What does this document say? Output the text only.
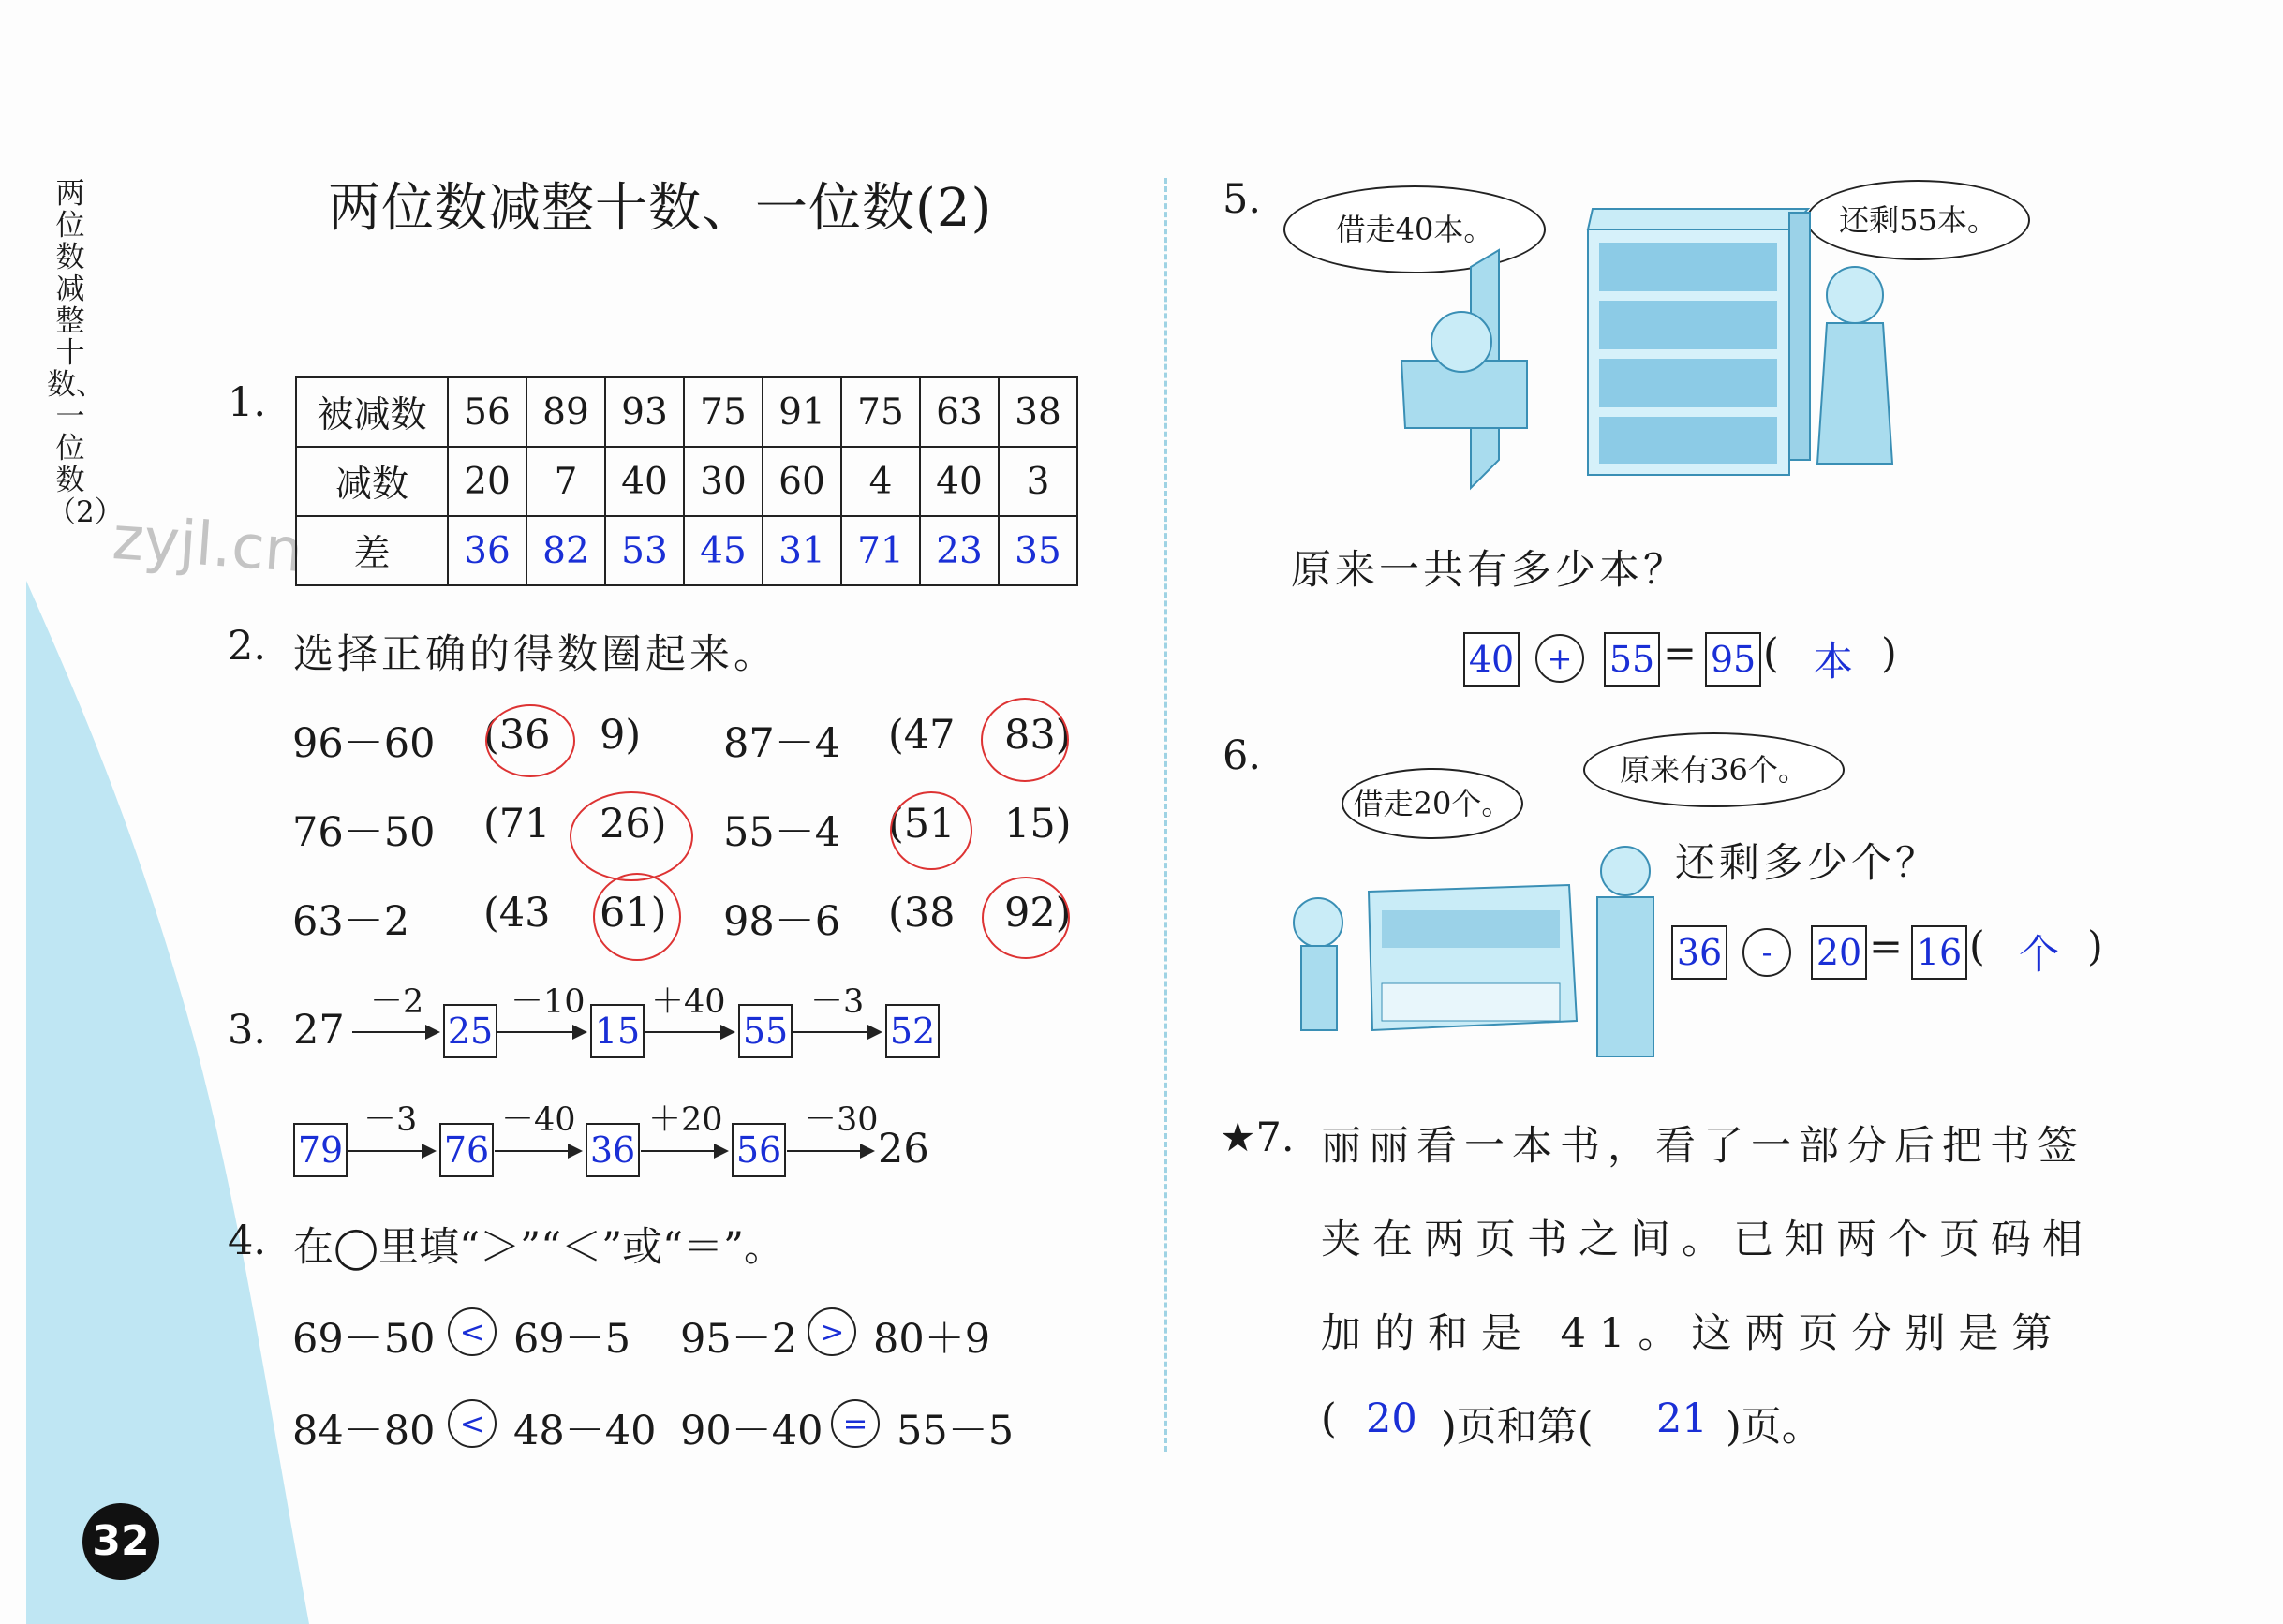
两位数减整十数、一位数（2）
zyjl.cn
两位数减整十数、一位数(2)
32
1. 被减数	56	89	93	75	91	75	63	38
减数	20	7	40	30	60	4	40	3
差	36	82	53	45	31	71	23	35
2. 选择正确的得数圈起来。
96－60 (36 9) 87－4 (47 83)
76－50 (71 26) 55－4 (51 15)
63－2 (43 61) 98－6 (38 92)
3. 27
－2
25
－10
15
＋40
55
－3
52
79
－3
76
－40
36
＋20
56
－30
26
4. 在◯里填“＞”“＜”或“＝”。
69－50 < 69－5 95－2 > 80＋9
84－80 < 48－40 90－40 = 55－5
5.
借走40本。	还剩55本。
原来一共有多少本？
40	+	55 = 95 ( 本 )
6.
借走20个。
原来有36个。
还剩多少个？
36	-	20 = 16 ( 个 )
★7. 丽丽看一本书，看了一部分后把书签
夹在两页书之间。已知两个页码相
加的和是 41。这两页分别是第
( 20 )页和第( 21 )页。
